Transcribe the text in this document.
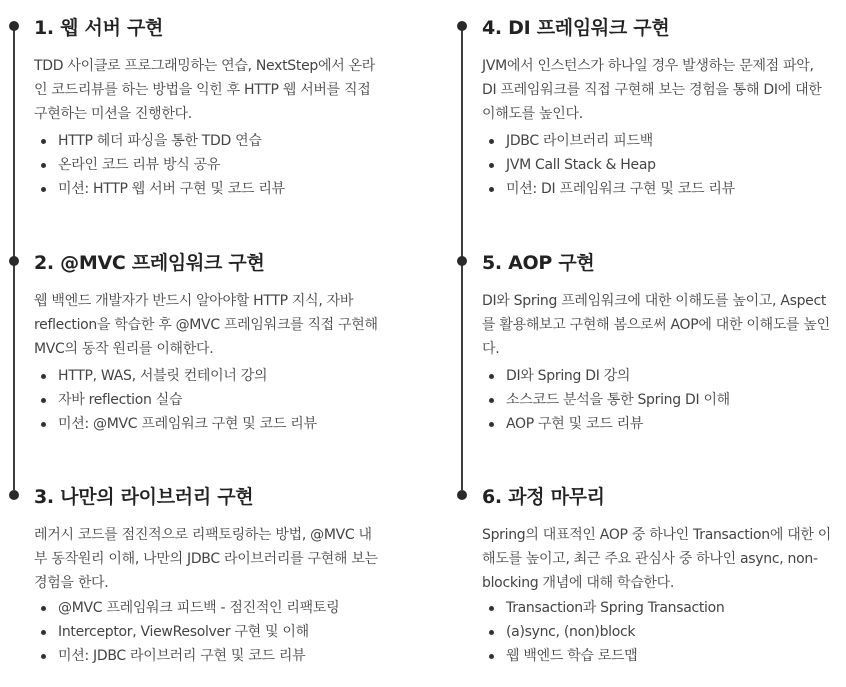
1. 웹 서버 구현

TDD 사이클로 프로그래밍하는 연습, NextStep에서 온라인 코드리뷰를 하는 방법을 익힌 후 HTTP 웹 서버를 직접 구현하는 미션을 진행한다.

HTTP 헤더 파싱을 통한 TDD 연습
온라인 코드 리뷰 방식 공유
미션: HTTP 웹 서버 구현 및 코드 리뷰
2. @MVC 프레임워크 구현

웹 백엔드 개발자가 반드시 알아야할 HTTP 지식, 자바 reflection을 학습한 후 @MVC 프레임워크를 직접 구현해 MVC의 동작 원리를 이해한다.

HTTP, WAS, 서블릿 컨테이너 강의
자바 reflection 실습
미션: @MVC 프레임워크 구현 및 코드 리뷰
3. 나만의 라이브러리 구현

레거시 코드를 점진적으로 리팩토링하는 방법, @MVC 내부 동작원리 이해, 나만의 JDBC 라이브러리를 구현해 보는 경험을 한다.

@MVC 프레임워크 피드백 - 점진적인 리팩토링
Interceptor, ViewResolver 구현 및 이해
미션: JDBC 라이브러리 구현 및 코드 리뷰
4. DI 프레임워크 구현

JVM에서 인스턴스가 하나일 경우 발생하는 문제점 파악, DI 프레임워크를 직접 구현해 보는 경험을 통해 DI에 대한 이해도를 높인다.

JDBC 라이브러리 피드백
JVM Call Stack & Heap
미션: DI 프레임워크 구현 및 코드 리뷰
5. AOP 구현

DI와 Spring 프레임워크에 대한 이해도를 높이고, Aspect를 활용해보고 구현해 봄으로써 AOP에 대한 이해도를 높인다.

DI와 Spring DI 강의
소스코드 분석을 통한 Spring DI 이해
AOP 구현 및 코드 리뷰
6. 과정 마무리

Spring의 대표적인 AOP 중 하나인 Transaction에 대한 이해도를 높이고, 최근 주요 관심사 중 하나인 async, non-blocking 개념에 대해 학습한다.

Transaction과 Spring Transaction
(a)sync, (non)block
웹 백엔드 학습 로드맵
